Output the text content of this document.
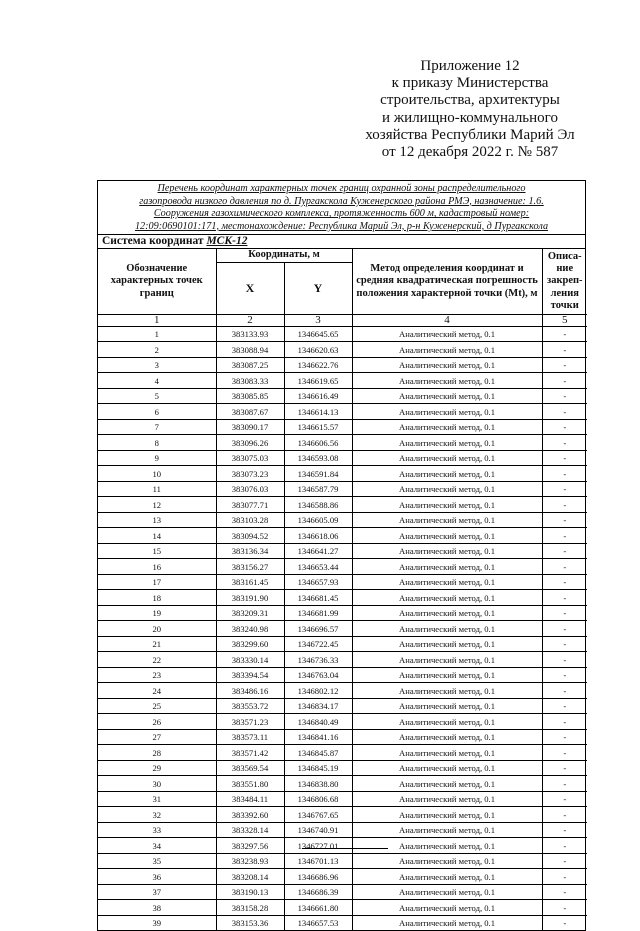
Приложение 12
к приказу Министерства
строительства, архитектуры
и жилищно-коммунального
хозяйства Республики Марий Эл
от 12 декабря 2022 г. № 587
Перечень координат характерных точек границ охранной зоны распределительного
газопровода низкого давления по д. Пургакскола Куженерского района РМЭ, назначение: 1.6.
Сооружения газохимического комплекса, протяженность 600 м, кадастровый номер:
12:09:0690101:171, местонахождение: Республика Марий Эл, р-н Куженерский, д Пургакскола
Система координат МСК-12
Обозначение характерных точек границ	Координаты, м		Метод определения координат и средняя квадратическая погрешность положения характерной точки (Mt), м	Описа-ние закреп-ления точки
	X	Y		
1	2	3	4	5
1	383133.93	1346645.65	Аналитический метод, 0.1	-
2	383088.94	1346620.63	Аналитический метод, 0.1	-
3	383087.25	1346622.76	Аналитический метод, 0.1	-
4	383083.33	1346619.65	Аналитический метод, 0.1	-
5	383085.85	1346616.49	Аналитический метод, 0.1	-
6	383087.67	1346614.13	Аналитический метод, 0.1	-
7	383090.17	1346615.57	Аналитический метод, 0.1	-
8	383096.26	1346606.56	Аналитический метод, 0.1	-
9	383075.03	1346593.08	Аналитический метод, 0.1	-
10	383073.23	1346591.84	Аналитический метод, 0.1	-
11	383076.03	1346587.79	Аналитический метод, 0.1	-
12	383077.71	1346588.86	Аналитический метод, 0.1	-
13	383103.28	1346605.09	Аналитический метод, 0.1	-
14	383094.52	1346618.06	Аналитический метод, 0.1	-
15	383136.34	1346641.27	Аналитический метод, 0.1	-
16	383156.27	1346653.44	Аналитический метод, 0.1	-
17	383161.45	1346657.93	Аналитический метод, 0.1	-
18	383191.90	1346681.45	Аналитический метод, 0.1	-
19	383209.31	1346681.99	Аналитический метод, 0.1	-
20	383240.98	1346696.57	Аналитический метод, 0.1	-
21	383299.60	1346722.45	Аналитический метод, 0.1	-
22	383330.14	1346736.33	Аналитический метод, 0.1	-
23	383394.54	1346763.04	Аналитический метод, 0.1	-
24	383486.16	1346802.12	Аналитический метод, 0.1	-
25	383553.72	1346834.17	Аналитический метод, 0.1	-
26	383571.23	1346840.49	Аналитический метод, 0.1	-
27	383573.11	1346841.16	Аналитический метод, 0.1	-
28	383571.42	1346845.87	Аналитический метод, 0.1	-
29	383569.54	1346845.19	Аналитический метод, 0.1	-
30	383551.80	1346838.80	Аналитический метод, 0.1	-
31	383484.11	1346806.68	Аналитический метод, 0.1	-
32	383392.60	1346767.65	Аналитический метод, 0.1	-
33	383328.14	1346740.91	Аналитический метод, 0.1	-
34	383297.56	1346727.01	Аналитический метод, 0.1	-
35	383238.93	1346701.13	Аналитический метод, 0.1	-
36	383208.14	1346686.96	Аналитический метод, 0.1	-
37	383190.13	1346686.39	Аналитический метод, 0.1	-
38	383158.28	1346661.80	Аналитический метод, 0.1	-
39	383153.36	1346657.53	Аналитический метод, 0.1	-
